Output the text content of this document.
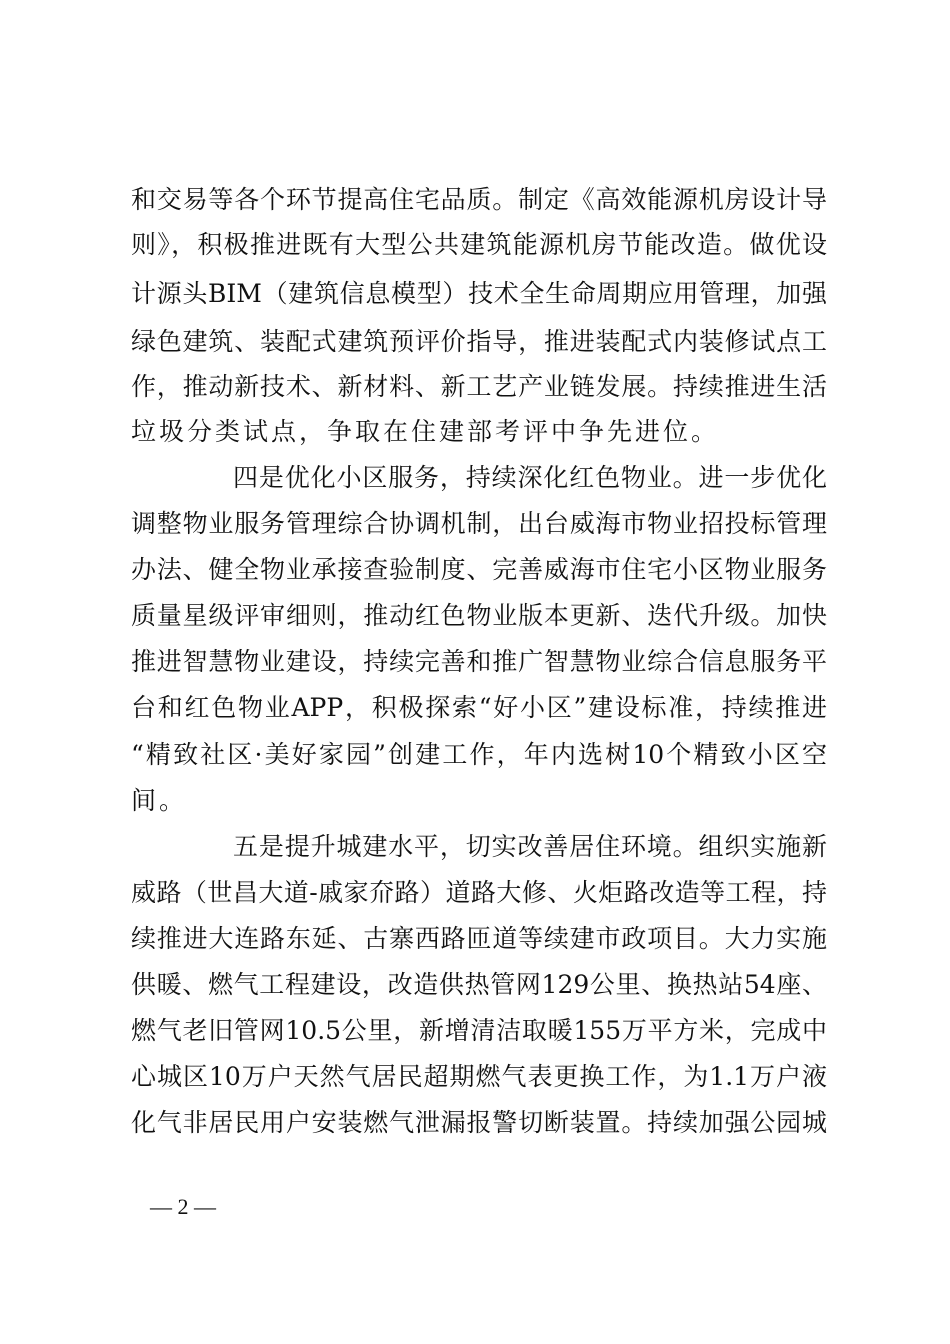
和交易等各个环节提高住宅品质。制定《高效能源机房设计导
则》，积极推进既有大型公共建筑能源机房节能改造。做优设
计源头BIM（建筑信息模型）技术全生命周期应用管理，加强
绿色建筑、装配式建筑预评价指导，推进装配式内装修试点工
作，推动新技术、新材料、新工艺产业链发展。持续推进生活
垃圾分类试点，争取在住建部考评中争先进位。
四是优化小区服务，持续深化红色物业。进一步优化
调整物业服务管理综合协调机制，出台威海市物业招投标管理
办法、健全物业承接查验制度、完善威海市住宅小区物业服务
质量星级评审细则，推动红色物业版本更新、迭代升级。加快
推进智慧物业建设，持续完善和推广智慧物业综合信息服务平
台和红色物业APP，积极探索“好小区”建设标准，持续推进
“精致社区·美好家园”创建工作，年内选树10个精致小区空
间。
五是提升城建水平，切实改善居住环境。组织实施新
威路（世昌大道-戚家夼路）道路大修、火炬路改造等工程，持
续推进大连路东延、古寨西路匝道等续建市政项目。大力实施
供暖、燃气工程建设，改造供热管网129公里、换热站54座、
燃气老旧管网10.5公里，新增清洁取暖155万平方米，完成中
心城区10万户天然气居民超期燃气表更换工作，为1.1万户液
化气非居民用户安装燃气泄漏报警切断装置。持续加强公园城
— 2 —
